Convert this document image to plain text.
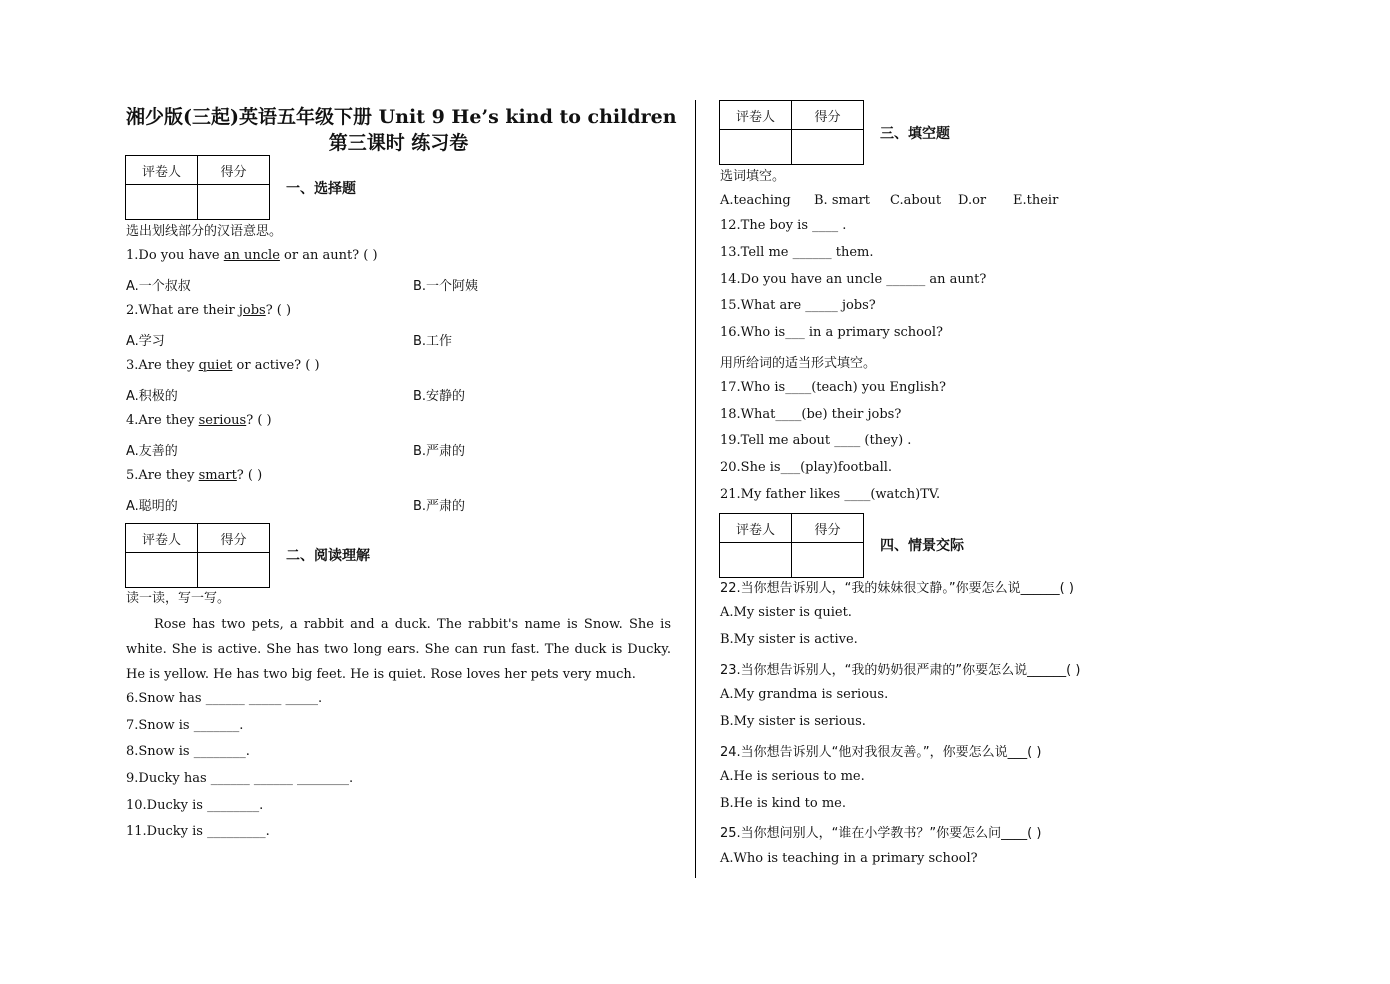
湘少版(三起)英语五年级下册 Unit 9 He’s kind to children
第三课时 练习卷
评卷人	得分

一、选择题
选出划线部分的汉语意思。
1.Do you have an uncle or an aunt? ( )
A.一个叔叔	B.一个阿姨
2.What are their jobs? ( )
A.学习	B.工作
3.Are they quiet or active? ( )
A.积极的	B.安静的
4.Are they serious? ( )
A.友善的	B.严肃的
5.Are they smart? ( )
A.聪明的	B.严肃的
评卷人	得分

二、阅读理解
读一读，写一写。
Rose has two pets, a rabbit and a duck. The rabbit's name is Snow. She is white. She is active. She has two long ears. She can run fast. The duck is Ducky. He is yellow. He has two big feet. He is quiet. Rose loves her pets very much.
6.Snow has ______ _____ _____.
7.Snow is _______.
8.Snow is ________.
9.Ducky has ______ ______ ________.
10.Ducky is ________.
11.Ducky is _________.
评卷人	得分

三、填空题
选词填空。
A.teaching B. smart C.about D.or E.their
12.The boy is ____ .
13.Tell me ______ them.
14.Do you have an uncle ______ an aunt?
15.What are _____ jobs?
16.Who is___ in a primary school?
用所给词的适当形式填空。
17.Who is____(teach) you English?
18.What____(be) their jobs?
19.Tell me about ____ (they) .
20.She is___(play)football.
21.My father likes ____(watch)TV.
评卷人	得分

四、情景交际
22.当你想告诉别人，“我的妹妹很文静。”你要怎么说______( )
A.My sister is quiet.
B.My sister is active.
23.当你想告诉别人，“我的奶奶很严肃的”你要怎么说______( )
A.My grandma is serious.
B.My sister is serious.
24.当你想告诉别人“他对我很友善。”，你要怎么说___( )
A.He is serious to me.
B.He is kind to me.
25.当你想问别人，“谁在小学教书？”你要怎么问____( )
A.Who is teaching in a primary school?
